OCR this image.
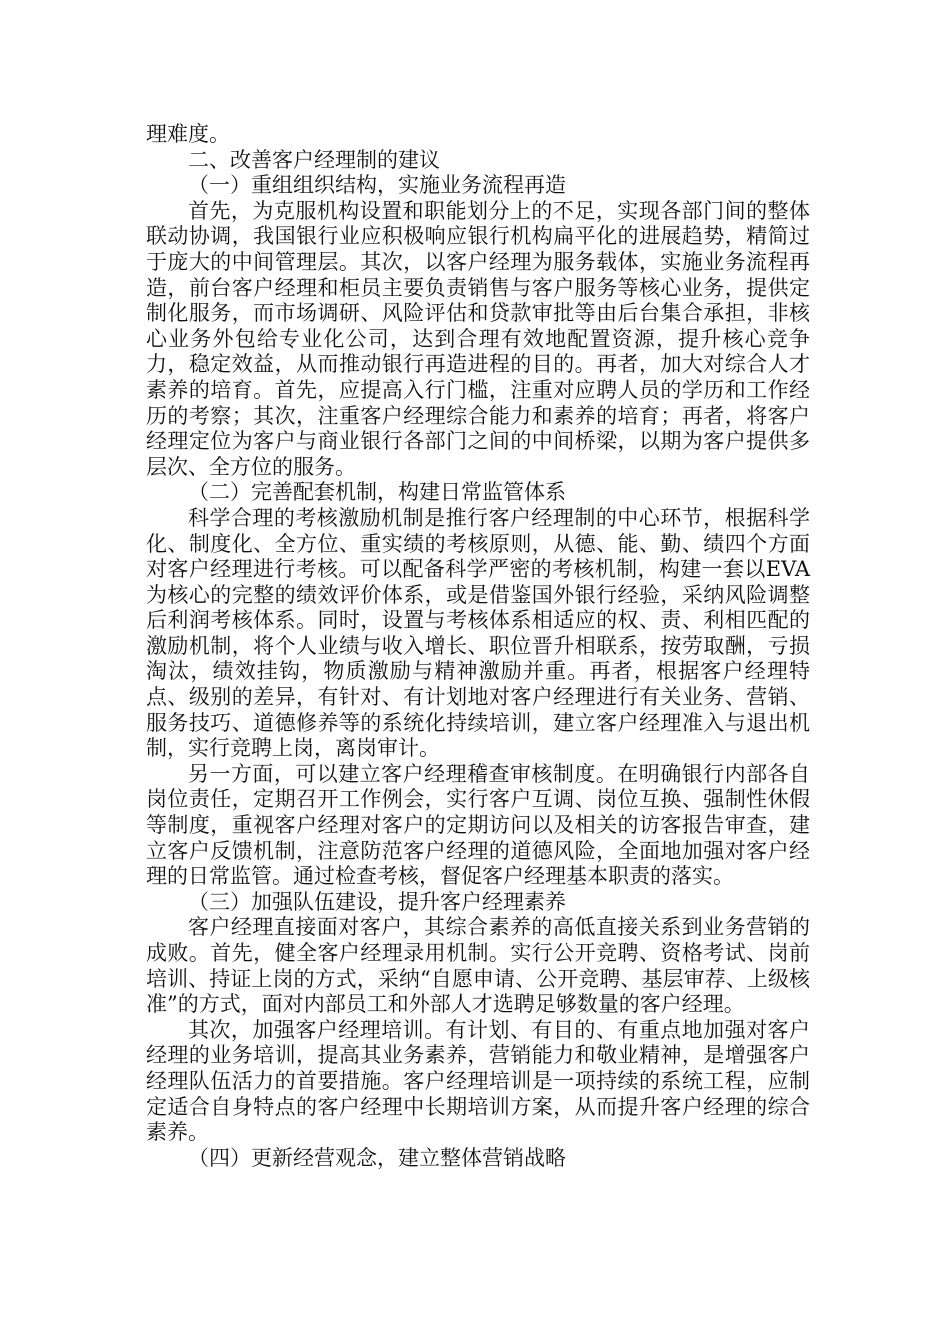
理难度。

二、改善客户经理制的建议

（一）重组组织结构，实施业务流程再造

首先，为克服机构设置和职能划分上的不足，实现各部门间的整体联动协调，我国银行业应积极响应银行机构扁平化的进展趋势，精简过于庞大的中间管理层。其次，以客户经理为服务载体，实施业务流程再造，前台客户经理和柜员主要负责销售与客户服务等核心业务，提供定制化服务，而市场调研、风险评估和贷款审批等由后台集合承担，非核心业务外包给专业化公司，达到合理有效地配置资源，提升核心竞争力，稳定效益，从而推动银行再造进程的目的。再者，加大对综合人才素养的培育。首先，应提高入行门槛，注重对应聘人员的学历和工作经历的考察；其次，注重客户经理综合能力和素养的培育；再者，将客户经理定位为客户与商业银行各部门之间的中间桥梁，以期为客户提供多层次、全方位的服务。

（二）完善配套机制，构建日常监管体系

科学合理的考核激励机制是推行客户经理制的中心环节，根据科学化、制度化、全方位、重实绩的考核原则，从德、能、勤、绩四个方面对客户经理进行考核。可以配备科学严密的考核机制，构建一套以EVA为核心的完整的绩效评价体系，或是借鉴国外银行经验，采纳风险调整后利润考核体系。同时，设置与考核体系相适应的权、责、利相匹配的激励机制，将个人业绩与收入增长、职位晋升相联系，按劳取酬，亏损淘汰，绩效挂钩，物质激励与精神激励并重。再者，根据客户经理特点、级别的差异，有针对、有计划地对客户经理进行有关业务、营销、服务技巧、道德修养等的系统化持续培训，建立客户经理准入与退出机制，实行竞聘上岗，离岗审计。

另一方面，可以建立客户经理稽查审核制度。在明确银行内部各自岗位责任，定期召开工作例会，实行客户互调、岗位互换、强制性休假等制度，重视客户经理对客户的定期访问以及相关的访客报告审查，建立客户反馈机制，注意防范客户经理的道德风险，全面地加强对客户经理的日常监管。通过检查考核，督促客户经理基本职责的落实。

（三）加强队伍建设，提升客户经理素养

客户经理直接面对客户，其综合素养的高低直接关系到业务营销的成败。首先，健全客户经理录用机制。实行公开竞聘、资格考试、岗前培训、持证上岗的方式，采纳“自愿申请、公开竞聘、基层审荐、上级核准”的方式，面对内部员工和外部人才选聘足够数量的客户经理。

其次，加强客户经理培训。有计划、有目的、有重点地加强对客户经理的业务培训，提高其业务素养，营销能力和敬业精神，是增强客户经理队伍活力的首要措施。客户经理培训是一项持续的系统工程，应制定适合自身特点的客户经理中长期培训方案，从而提升客户经理的综合素养。

（四）更新经营观念，建立整体营销战略
